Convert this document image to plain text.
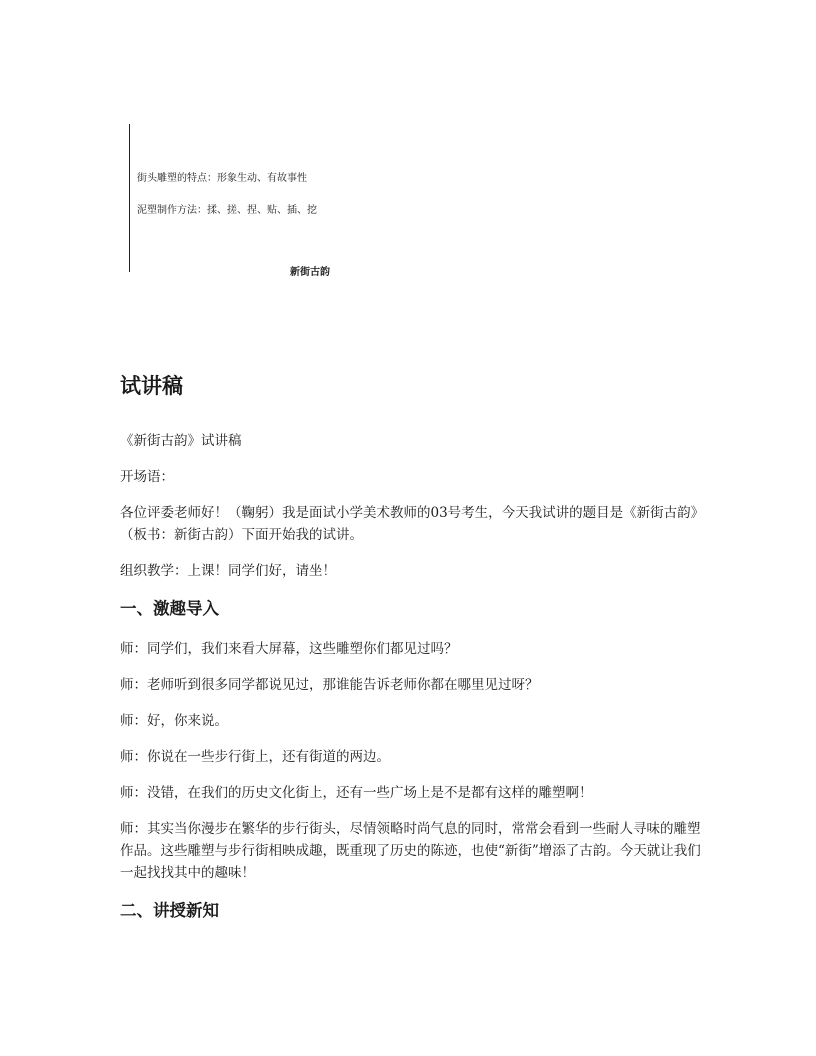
新街古韵
街头雕塑的特点：形象生动、有故事性
泥塑制作方法：揉、搓、捏、贴、插、挖
试讲稿

《新街古韵》试讲稿

开场语：

各位评委老师好！（鞠躬）我是面试小学美术教师的03号考生，今天我试讲的题目是《新街古韵》（板书：新街古韵）下面开始我的试讲。

组织教学：上课！同学们好，请坐！

一、激趣导入

师：同学们，我们来看大屏幕，这些雕塑你们都见过吗？

师：老师听到很多同学都说见过，那谁能告诉老师你都在哪里见过呀？

师：好，你来说。

师：你说在一些步行街上，还有街道的两边。

师：没错，在我们的历史文化街上，还有一些广场上是不是都有这样的雕塑啊！

师：其实当你漫步在繁华的步行街头，尽情领略时尚气息的同时，常常会看到一些耐人寻味的雕塑作品。这些雕塑与步行街相映成趣，既重现了历史的陈迹，也使“新街”增添了古韵。今天就让我们一起找找其中的趣味！

二、讲授新知
